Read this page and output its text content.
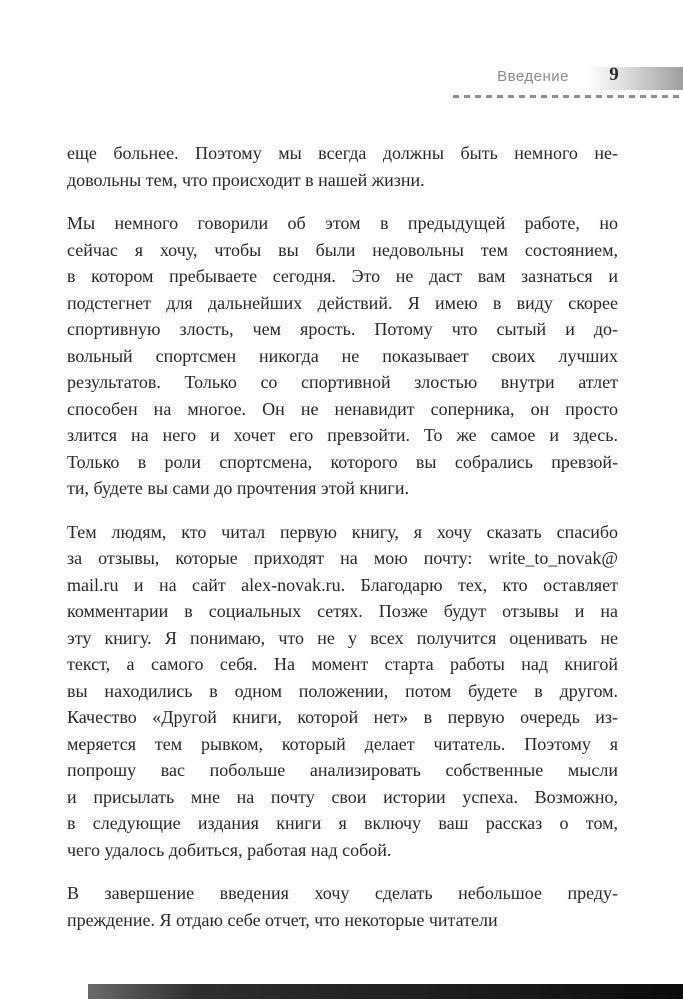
Введение	9

еще больнее. Поэтому мы всегда должны быть немного не-
довольны тем, что происходит в нашей жизни.

Мы немного говорили об этом в предыдущей работе, но
сейчас я хочу, чтобы вы были недовольны тем состоянием,
в котором пребываете сегодня. Это не даст вам зазнаться и
подстегнет для дальнейших действий. Я имею в виду скорее
спортивную злость, чем ярость. Потому что сытый и до-
вольный спортсмен никогда не показывает своих лучших
результатов. Только со спортивной злостью внутри атлет
способен на многое. Он не ненавидит соперника, он просто
злится на него и хочет его превзойти. То же самое и здесь.
Только в роли спортсмена, которого вы собрались превзой-
ти, будете вы сами до прочтения этой книги.

Тем людям, кто читал первую книгу, я хочу сказать спасибо
за отзывы, которые приходят на мою почту: write_to_novak@
mail.ru и на сайт alex-novak.ru. Благодарю тех, кто оставляет
комментарии в социальных сетях. Позже будут отзывы и на
эту книгу. Я понимаю, что не у всех получится оценивать не
текст, а самого себя. На момент старта работы над книгой
вы находились в одном положении, потом будете в другом.
Качество «Другой книги, которой нет» в первую очередь из-
меряется тем рывком, который делает читатель. Поэтому я
попрошу вас побольше анализировать собственные мысли
и присылать мне на почту свои истории успеха. Возможно,
в следующие издания книги я включу ваш рассказ о том,
чего удалось добиться, работая над собой.

В завершение введения хочу сделать небольшое преду-
преждение. Я отдаю себе отчет, что некоторые читатели
